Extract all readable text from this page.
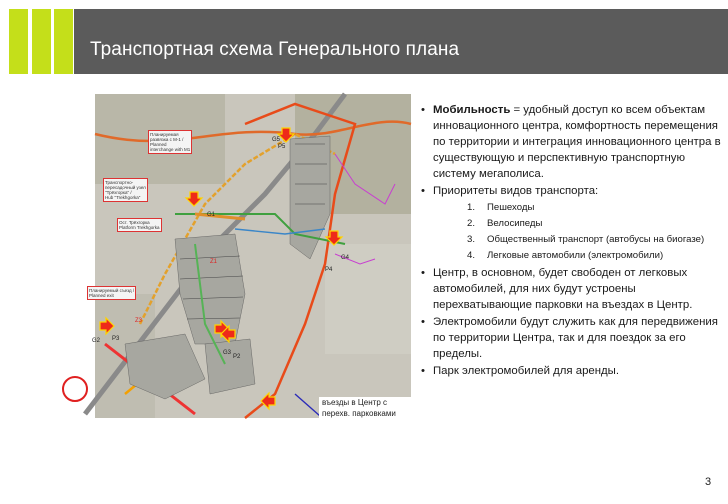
Транспортная схема Генерального плана
G5
P5
G1
Z1
P4
G4
Z3
G2 P3
P2
G3
Планируемая
развязка с М-1 /
Planned
interchange with M1
Транспортно-
пересадочный узел
"Трёхгорка" /
Hub "Trekhgorka"
Ост. Трёхгорка
Platform Trekhgorka
Планируемый съезд /
Planned exit
въезды в Центр с
перехв. парковками
• Мобильность = удобный доступ ко всем объектам инновационного центра, комфортность перемещения по территории и интеграция инновационного центра в существующую и перспективную транспортную систему мегаполиса.
• Приоритеты видов транспорта:
1. Пешеходы
2. Велосипеды
3. Общественный транспорт (автобусы на биогазе)
4. Легковые автомобили (электромобили)
• Центр, в основном, будет свободен от легковых автомобилей, для них будут устроены перехватывающие парковки на въездах в Центр.
• Электромобили будут служить как для передвижения по территории Центра, так и для поездок за его пределы.
• Парк электромобилей для аренды.
3
